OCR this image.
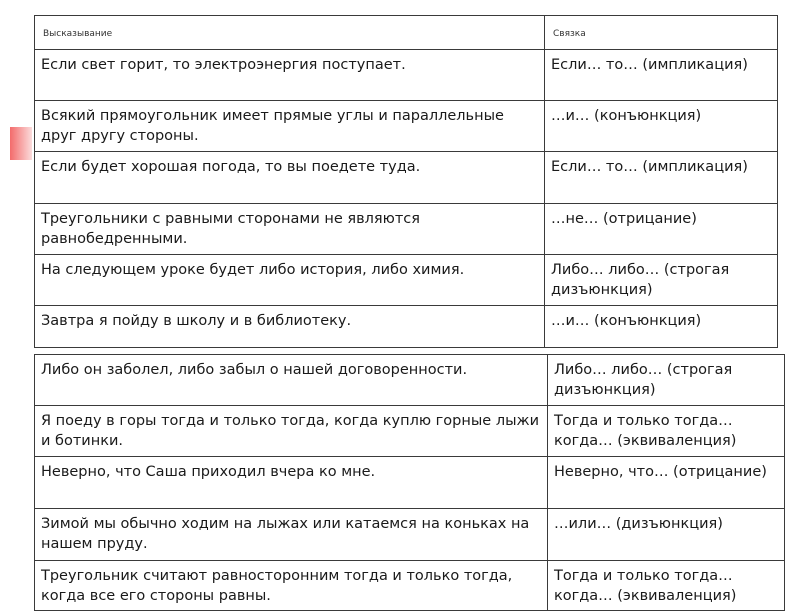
Высказывание	Связка
Если свет горит, то электроэнергия поступает.	Если… то… (импликация)
Всякий прямоугольник имеет прямые углы и параллельные друг другу стороны.	…и… (конъюнкция)
Если будет хорошая погода, то вы поедете туда.	Если… то… (импликация)
Треугольники с равными сторонами не являются равнобедренными.	…не… (отрицание)
На следующем уроке будет либо история, либо химия.	Либо… либо… (строгая дизъюнкция)
Завтра я пойду в школу и в библиотеку.	…и… (конъюнкция)
Либо он заболел, либо забыл о нашей договоренности.	Либо… либо… (строгая дизъюнкция)
Я поеду в горы тогда и только тогда, когда куплю горные лыжи и ботинки.	Тогда и только тогда… когда… (эквиваленция)
Неверно, что Саша приходил вчера ко мне.	Неверно, что… (отрицание)
Зимой мы обычно ходим на лыжах или катаемся на коньках на нашем пруду.	…или… (дизъюнкция)
Треугольник считают равносторонним тогда и только тогда, когда все его стороны равны.	Тогда и только тогда… когда… (эквиваленция)
